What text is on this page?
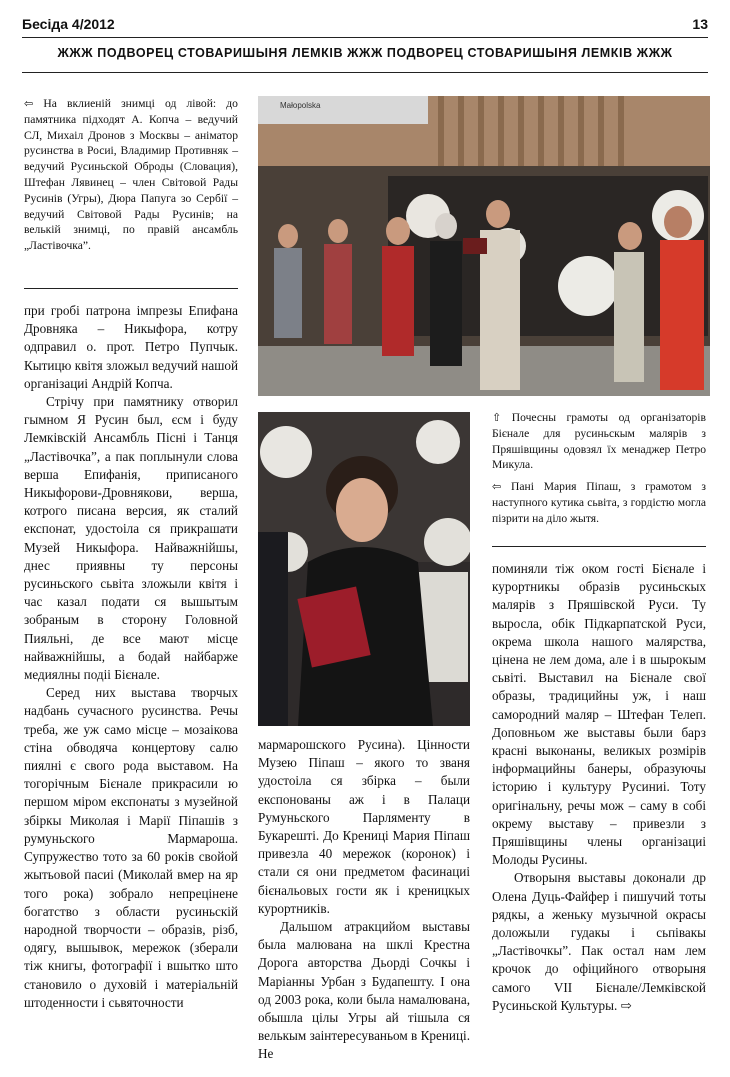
Бесіда 4/2012	13
ЖЖЖ ПОДВОРЕЦ СТОВАРИШЫНЯ ЛЕМКІВ ЖЖЖ ПОДВОРЕЦ СТОВАРИШЫНЯ ЛЕМКІВ ЖЖЖ

⇦ На вклиеній знимці од лівой: до памятника підходят А. Копча – ведучий СЛ, Михаіл Дронов з Москвы – аніматор русинства в Росиі, Владимир Противняк – ведучий Русиньской Оброды (Словация), Штефан Лявинец – член Світовой Рады Русинів (Угры), Дюра Папуга зо Сербії – ведучий Світовой Рады Русинів; на велькій знимці, по правій ансамбль „Ластівочка”.

Małopolska

при гробі патрона імпрезы Епифана Дровняка – Никыфора, котру одправил о. прот. Петро Пупчык. Кытицю квітя зложыл ведучий нашой організациі Андрій Копча.

Стрічу при памятнику отворил гымном Я Русин был, єсм і буду Лемківскій Ансамбль Пісні і Танця „Ластівочка”, а пак поплынули слова верша Епифанія, приписаного Никыфорови-Дровнякови, верша, котрого писана версия, як сталий експонат, удостоіла ся прикрашати Музей Никыфора. Найважнійшы, днес приявны ту персоны русиньского сьвіта зложыли квітя і час казал подати ся вышытым зобраным в сторону Головной Пияльні, де все мают місце найважнійшы, а бодай найбарже медиялны подіі Бієнале.

Серед них выстава творчых надбань сучасного русинства. Речы треба, же уж само місце – мозаікова стіна обводяча концертову салю пиялні є свого рода выставом. На тогорічным Бієнале прикрасили ю першом міром експонаты з музейной збіркы Миколая і Марії Піпашів з румуньского Мармароша. Супружество тото за 60 років свойой жытьовой пасиі (Миколай вмер на яр того рока) зобрало непреціненe богатство з области русиньскій народной творчости – образів, різб, одягу, вышывок, мережок (зберали тіж книгы, фотографії і вшытко што становило о духовій і матеріальній штоденности і сьвяточности

мармарошского Русина). Цінности Музею Піпаш – якого то званя удостоіла ся збірка – были експонованы аж і в Палаци Румуньского Парляменту в Букарешті. До Крениці Мария Піпаш привезла 40 мережок (коронок) і стали ся они предметом фасинациі бієнальовых гости як і креницкых курортників.

Дальшом атракцийом выставы была малювана на шклі Крестна Дорога авторства Дьорді Сочкы і Маріанны Урбан з Будапешту. І она од 2003 рока, коли была намалювана, обышла цілы Угры ай тішыла ся велькым заінтересуваньом в Крениці. Не

⇧ Почесны грамоты од організаторів Бієнале для русиньскым малярів з Пряшівщины одовзял їх менаджер Петро Микула.

⇦ Пані Мария Піпаш, з грамотом з наступного кутика сьвіта, з гордістю могла пізрити на діло жытя.

поминяли тіж оком гості Бієнале і курортникы образів русиньскых малярів з Пряшівской Руси. Ту выросла, обік Підкарпатской Руси, окрема школа нашого малярства, цінена не лем дома, але і в шырокым сьвіті. Выставил на Бієнале свої образы, традицийны уж, і наш самородний маляр – Штефан Телеп. Доповньом же выставы были барз красні выконаны, великых розмірів інформацийны банеры, образуючы історию і культуру Русиниі. Тоту оригінальну, речы мож – саму в собі окрему выставу – привезли з Пряшівщины члены організациі Молоды Русины.

Отворыня выставы доконали др Олена Дуць-Файфер і пишучий тоты рядкы, а женьку музычной окрасы доложыли гудакы і сьпівакы „Ластівочкы”. Пак остал нам лем крочок до офіцийного отворыня самого VII Бієнале/Лемківской Русиньской Культуры. ⇨
